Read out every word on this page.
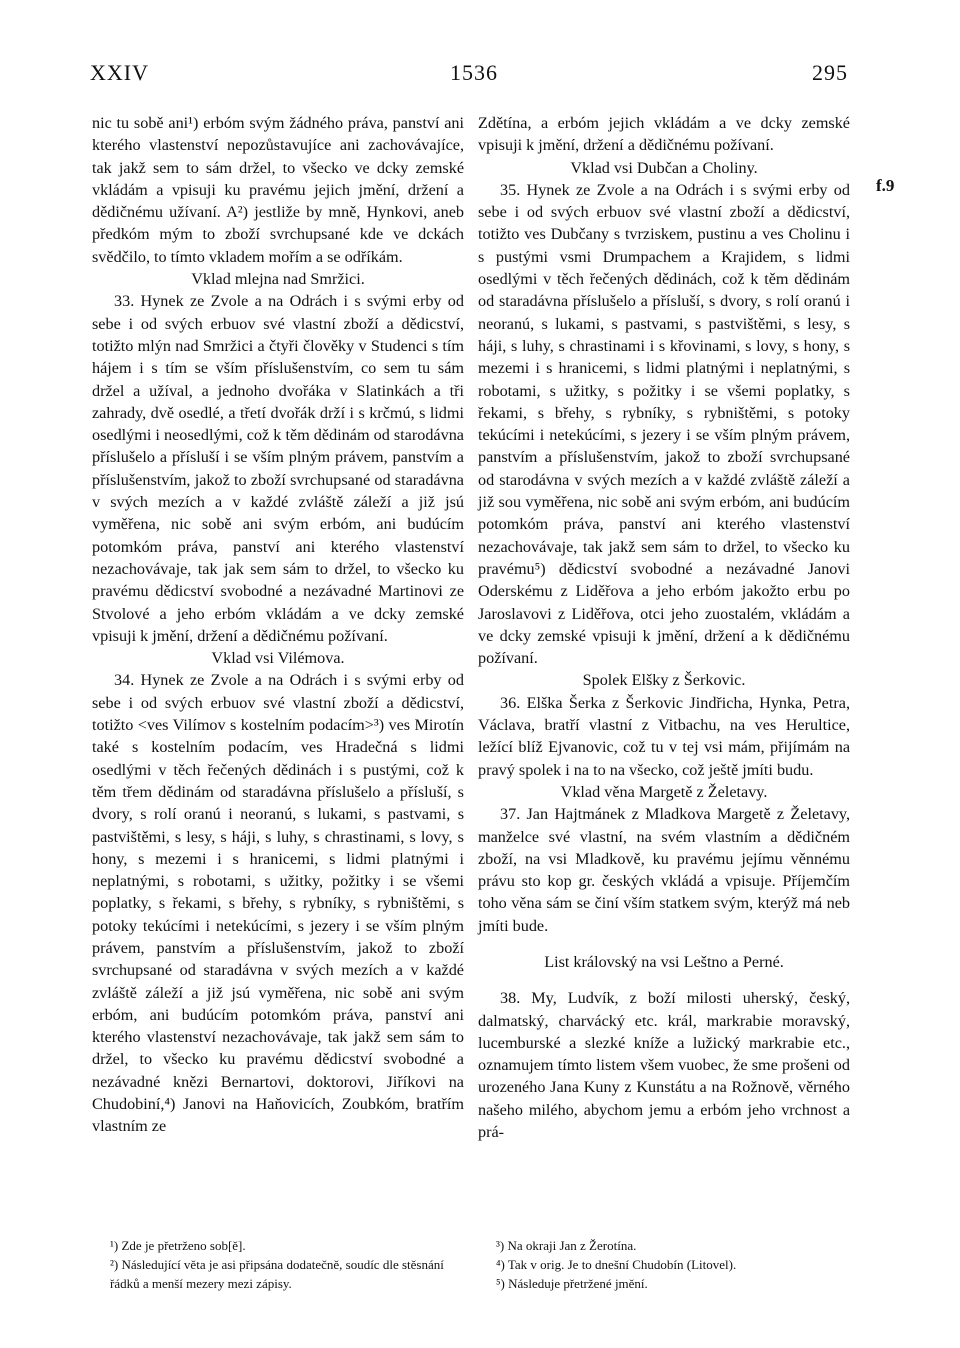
XXIV	1536	295
f.9

nic tu sobě ani¹) erbóm svým žádného práva, panství ani kterého vlastenství nepozůstavujíce ani zachovávajíce, tak jakž sem to sám držel, to všecko ve dcky zemské vkládám a vpisuji ku pravému jejich jmění, držení a dědičnému užívaní. A²) jestliže by mně, Hynkovi, aneb předkóm mým to zboží svrchupsané kde ve dckách svědčilo, to tímto vkladem mořím a se odříkám.

Vklad mlejna nad Smržici.

33. Hynek ze Zvole a na Odrách i s svými erby od sebe i od svých erbuov své vlastní zboží a dědicství, totižto mlýn nad Smržici a čtyři člověky v Studenci s tím hájem i s tím se vším příslušenstvím, co sem tu sám držel a užíval, a jednoho dvořáka v Slatinkách a tři zahrady, dvě osedlé, a třetí dvořák drží i s krčmú, s lidmi osedlými i neosedlými, což k těm dědinám od starodávna příslušelo a přísluší i se vším plným právem, panstvím a příslušenstvím, jakož to zboží svrchupsané od staradávna v svých mezích a v každé zvláště záleží a již jsú vyměřena, nic sobě ani svým erbóm, ani budúcím potomkóm práva, panství ani kterého vlastenství nezachovávaje, tak jak sem sám to držel, to všecko ku pravému dědicství svobodné a nezávadné Martinovi ze Stvolové a jeho erbóm vkládám a ve dcky zemské vpisuji k jmění, držení a dědičnému požívaní.

Vklad vsi Vilémova.

34. Hynek ze Zvole a na Odrách i s svými erby od sebe i od svých erbuov své vlastní zboží a dědicství, totižto <ves Vilímov s kostelním podacím>³) ves Mirotín také s kostelním podacím, ves Hradečná s lidmi osedlými v těch řečených dědinách i s pustými, což k těm třem dědinám od staradávna příslušelo a přísluší, s dvory, s rolí oranú i neoranú, s lukami, s pastvami, s pastvištěmi, s lesy, s háji, s luhy, s chrastinami, s lovy, s hony, s mezemi i s hranicemi, s lidmi platnými i neplatnými, s robotami, s užitky, požitky i se všemi poplatky, s řekami, s břehy, s rybníky, s rybništěmi, s potoky tekúcími i netekúcími, s jezery i se vším plným právem, panstvím a příslušenstvím, jakož to zboží svrchupsané od staradávna v svých mezích a v každé zvláště záleží a již jsú vyměřena, nic sobě ani svým erbóm, ani budúcím potomkóm práva, panství ani kterého vlastenství nezachovávaje, tak jakž sem sám to držel, to všecko ku pravému dědicství svobodné a nezávadné knězi Bernartovi, doktorovi, Jiříkovi na Chudobiní,⁴) Janovi na Haňovicích, Zoubkóm, bratřím vlastním ze

Zdětína, a erbóm jejich vkládám a ve dcky zemské vpisuji k jmění, držení a dědičnému požívaní.

Vklad vsi Dubčan a Choliny.

35. Hynek ze Zvole a na Odrách i s svými erby od sebe i od svých erbuov své vlastní zboží a dědicství, totižto ves Dubčany s tvrziskem, pustinu a ves Cholinu i s pustými vsmi Drumpachem a Krajidem, s lidmi osedlými v těch řečených dědinách, což k těm dědinám od staradávna příslušelo a přísluší, s dvory, s rolí oranú i neoranú, s lukami, s pastvami, s pastvištěmi, s lesy, s háji, s luhy, s chrastinami i s křovinami, s lovy, s hony, s mezemi i s hranicemi, s lidmi platnými i neplatnými, s robotami, s užitky, s požitky i se všemi poplatky, s řekami, s břehy, s rybníky, s rybništěmi, s potoky tekúcími i netekúcími, s jezery i se vším plným právem, panstvím a příslušenstvím, jakož to zboží svrchupsané od starodávna v svých mezích a v každé zvláště záleží a již sou vyměřena, nic sobě ani svým erbóm, ani budúcím potomkóm práva, panství ani kterého vlastenství nezachovávaje, tak jakž sem sám to držel, to všecko ku pravému⁵) dědicství svobodné a nezávadné Janovi Oderskému z Liděřova a jeho erbóm jakožto erbu po Jaroslavovi z Liděřova, otci jeho zuostalém, vkládám a ve dcky zemské vpisuji k jmění, držení a k dědičnému požívaní.

Spolek Elšky z Šerkovic.

36. Elška Šerka z Šerkovic Jindřicha, Hynka, Petra, Václava, bratří vlastní z Vitbachu, na ves Herultice, ležící blíž Ejvanovic, což tu v tej vsi mám, přijímám na pravý spolek i na to na všecko, což ještě jmíti budu.

Vklad věna Margetě z Želetavy.

37. Jan Hajtmánek z Mladkova Margetě z Želetavy, manželce své vlastní, na svém vlastním a dědičném zboží, na vsi Mladkově, ku pravému jejímu věnnému právu sto kop gr. českých vkládá a vpisuje. Příjemčím toho věna sám se činí vším statkem svým, kterýž má neb jmíti bude.

List královský na vsi Leštno a Perné.

38. My, Ludvík, z boží milosti uherský, český, dalmatský, charvácký etc. král, markrabie moravský, lucemburské a slezké kníže a lužický markrabie etc., oznamujem tímto listem všem vuobec, že sme prošeni od urozeného Jana Kuny z Kunstátu a na Rožnově, věrného našeho milého, abychom jemu a erbóm jeho vrchnost a prá-

¹) Zde je přetrženo sob[ě].

²) Následující věta je asi připsána dodatečně, soudíc dle stěsnání řádků a menší mezery mezi zápisy.

³) Na okraji Jan z Žerotína.

⁴) Tak v orig. Je to dnešní Chudobín (Litovel).

⁵) Následuje přetržené jmění.
